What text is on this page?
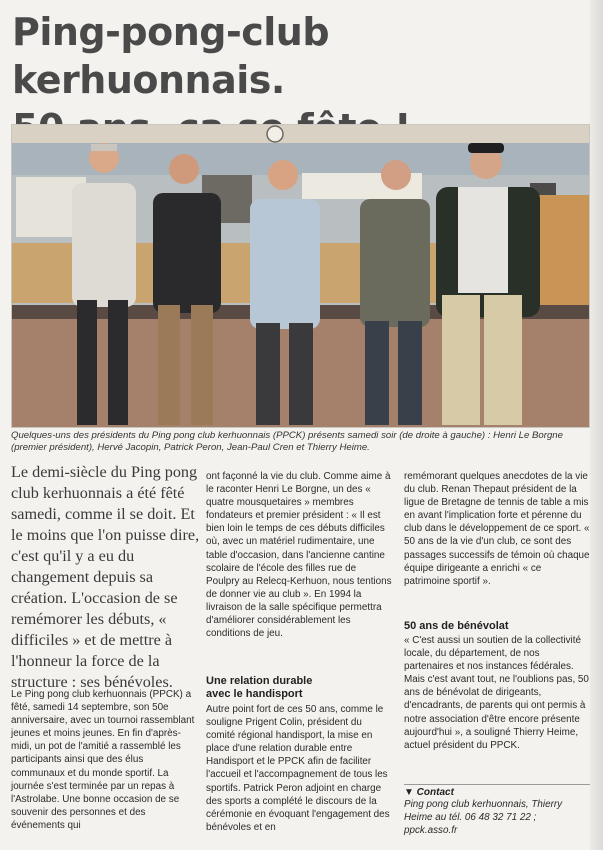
Ping-pong-club kerhuonnais.

Quelques-uns des présidents du Ping pong club kerhuonnais (PPCK) présents samedi soir (de droite à gauche) : Henri Le Borgne (premier président), Hervé Jacopin, Patrick Peron, Jean-Paul Cren et Thierry Heime.
Le demi-siècle du Ping pong club kerhuonnais a été fêté samedi, comme il se doit. Et le moins que l'on puisse dire, c'est qu'il y a eu du changement depuis sa création. L'occasion de se remémorer les débuts, « difficiles » et de mettre à l'honneur la force de la structure : ses bénévoles.

Le Ping pong club kerhuonnais (PPCK) a fêté, samedi 14 septembre, son 50e anniversaire, avec un tournoi rassemblant jeunes et moins jeunes. En fin d'après-midi, un pot de l'amitié a rassemblé les participants ainsi que des élus communaux et du monde sportif. La journée s'est terminée par un repas à l'Astrolabe. Une bonne occasion de se souvenir des personnes et des événements qui

ont façonné la vie du club. Comme aime à le raconter Henri Le Borgne, un des « quatre mousquetaires » membres fondateurs et premier président : « Il est bien loin le temps de ces débuts difficiles où, avec un matériel rudimentaire, une table d'occasion, dans l'ancienne cantine scolaire de l'école des filles rue de Poulpry au Relecq-Kerhuon, nous tentions de donner vie au club ». En 1994 la livraison de la salle spécifique permettra d'améliorer considérablement les conditions de jeu.

Une relation durable
avec le handisport

Autre point fort de ces 50 ans, comme le souligne Prigent Colin, président du comité régional handisport, la mise en place d'une relation durable entre Handisport et le PPCK afin de faciliter l'accueil et l'accompagnement de tous les sportifs. Patrick Peron adjoint en charge des sports a complété le discours de la cérémonie en évoquant l'engagement des bénévoles et en

remémorant quelques anecdotes de la vie du club. Renan Thepaut président de la ligue de Bretagne de tennis de table a mis en avant l'implication forte et pérenne du club dans le développement de ce sport. « 50 ans de la vie d'un club, ce sont des passages successifs de témoin où chaque équipe dirigeante a enrichi « ce patrimoine sportif ».

50 ans de bénévolat

« C'est aussi un soutien de la collectivité locale, du département, de nos partenaires et nos instances fédérales. Mais c'est avant tout, ne l'oublions pas, 50 ans de bénévolat de dirigeants, d'encadrants, de parents qui ont permis à notre association d'être encore présente aujourd'hui », a souligné Thierry Heime, actuel président du PPCK.

▼ Contact
Ping pong club kerhuonnais, Thierry
Heime au tél. 06 48 32 71 22 ;
ppck.asso.fr
